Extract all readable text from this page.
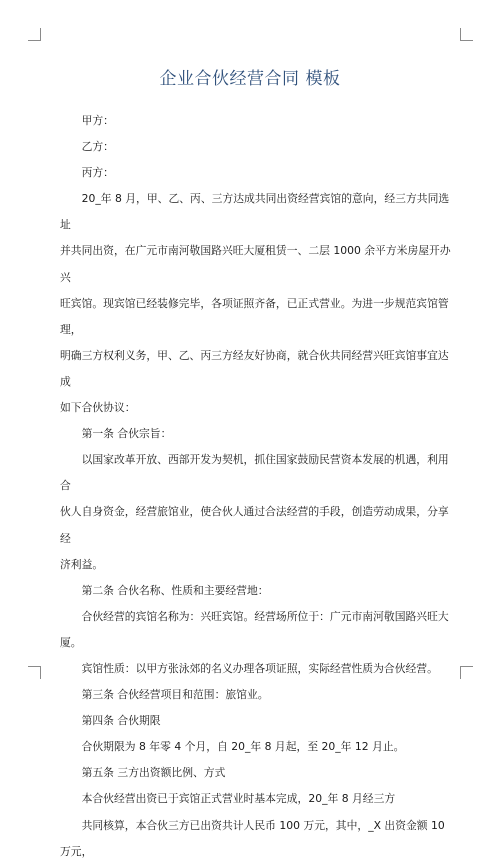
企业合伙经营合同 模板

甲方：

乙方：

丙方：

20_年 8 月，甲、乙、丙、三方达成共同出资经营宾馆的意向，经三方共同选址

并共同出资，在广元市南河敬国路兴旺大厦租赁一、二层 1000 余平方米房屋开办兴

旺宾馆。现宾馆已经装修完毕，各项证照齐备，已正式营业。为进一步规范宾馆管理，

明确三方权利义务，甲、乙、丙三方经友好协商，就合伙共同经营兴旺宾馆事宜达成

如下合伙协议：

第一条 合伙宗旨：

以国家改革开放、西部开发为契机，抓住国家鼓励民营资本发展的机遇，利用合

伙人自身资金，经营旅馆业，使合伙人通过合法经营的手段，创造劳动成果，分享经

济利益。

第二条 合伙名称、性质和主要经营地：

合伙经营的宾馆名称为：兴旺宾馆。经营场所位于：广元市南河敬国路兴旺大厦。

宾馆性质：以甲方张泳郊的名义办理各项证照，实际经营性质为合伙经营。

第三条 合伙经营项目和范围：旅馆业。

第四条 合伙期限

合伙期限为 8 年零 4 个月，自 20_年 8 月起，至 20_年 12 月止。

第五条 三方出资额比例、方式

本合伙经营出资已于宾馆正式营业时基本完成，20_年 8 月经三方

共同核算，本合伙三方已出资共计人民币 100 万元，其中，_X 出资金额 10 万元，
